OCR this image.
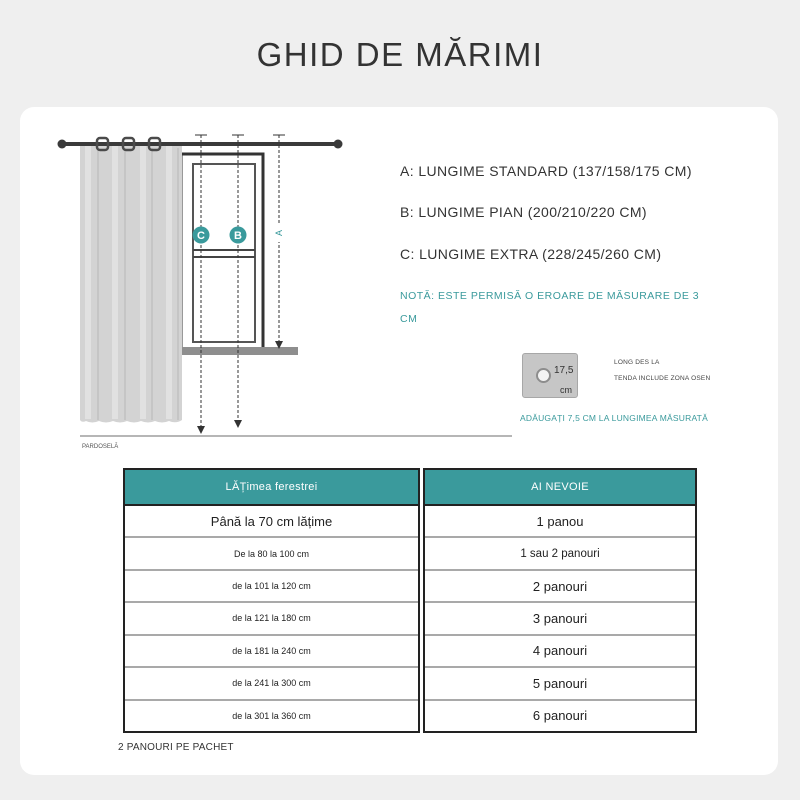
GHID DE MĂRIMI
C	B	A
PARDOSELĂ
A: LUNGIME STANDARD (137/158/175 CM)
B: LUNGIME PIAN (200/210/220 CM)
C: LUNGIME EXTRA (228/245/260 CM)
NOTĂ: ESTE PERMISĂ O EROARE DE MĂSURARE DE 3
CM
17,5
cm
LONG DES LA
TENDA INCLUDE ZONA OSEN
ADĂUGAȚI 7,5 CM LA LUNGIMEA MĂSURATĂ
LĂȚimea ferestrei
Până la 70 cm lățime
De la 80 la 100 cm
de la 101 la 120 cm
de la 121 la 180 cm
de la 181 la 240 cm
de la 241 la 300 cm
de la 301 la 360 cm
AI NEVOIE
1 panou
1 sau 2 panouri
2 panouri
3 panouri
4 panouri
5 panouri
6 panouri
2 PANOURI PE PACHET
